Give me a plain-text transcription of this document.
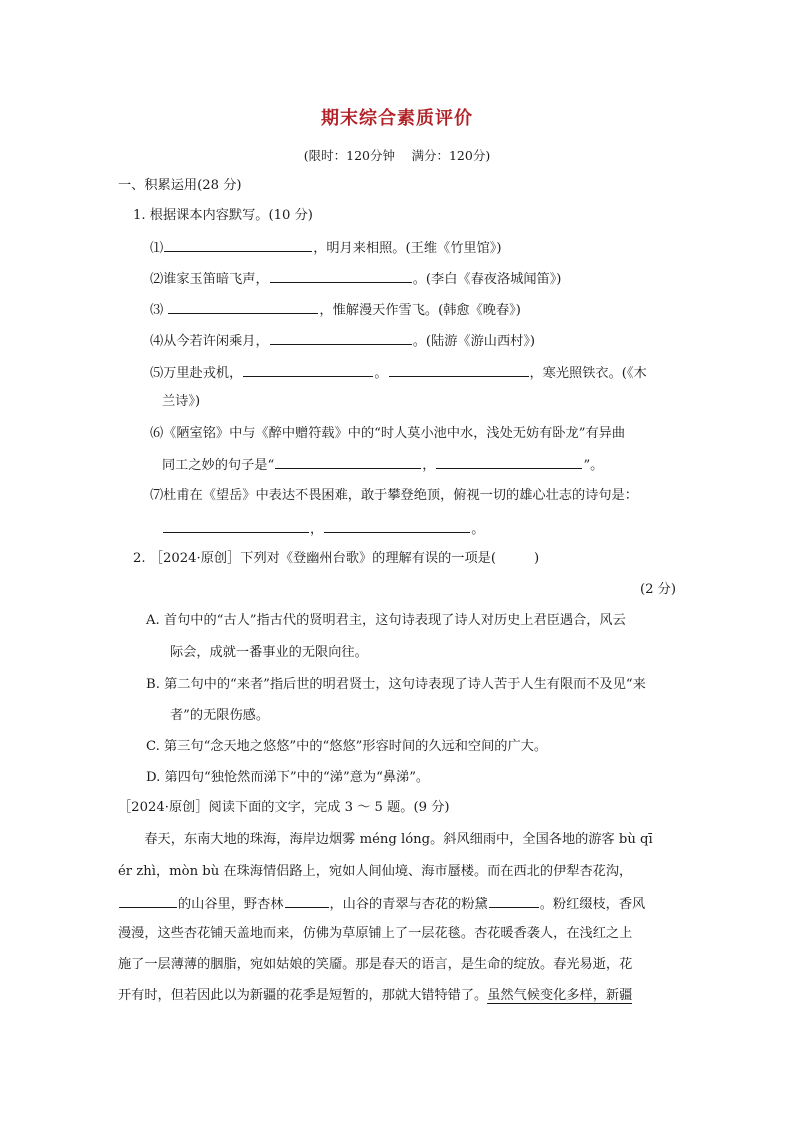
期末综合素质评价
(限时：120分钟　 满分：120分)
一、积累运用(28 分)
1. 根据课本内容默写。(10 分)
⑴	，明月来相照。(王维《竹里馆》)
⑵谁家玉笛暗飞声，	。(李白《春夜洛城闻笛》)
⑶	，惟解漫天作雪飞。(韩愈《晚春》)
⑷从今若许闲乘月，	。(陆游《游山西村》)
⑸万里赴戎机，	。	，寒光照铁衣。(《木
兰诗》)
⑹《陋室铭》中与《醉中赠符载》中的“时人莫小池中水，浅处无妨有卧龙”有异曲
同工之妙的句子是“	，	”。
⑺杜甫在《望岳》中表达不畏困难，敢于攀登绝顶，俯视一切的雄心壮志的诗句是：
，	。
2. ［2024·原创］下列对《登幽州台歌》的理解有误的一项是(	)
(2 分)
A. 首句中的“古人”指古代的贤明君主，这句诗表现了诗人对历史上君臣遇合，风云
际会，成就一番事业的无限向往。
B. 第二句中的“来者”指后世的明君贤士，这句诗表现了诗人苦于人生有限而不及见“来
者”的无限伤感。
C. 第三句“念天地之悠悠”中的“悠悠”形容时间的久远和空间的广大。
D. 第四句“独怆然而涕下”中的“涕”意为“鼻涕”。
［2024·原创］阅读下面的文字，完成 3 ～ 5 题。(9 分)
　　春天，东南大地的珠海，海岸边烟雾 méng lóng。斜风细雨中，全国各地的游客 bù qī
ér zhì，mòn bù 在珠海情侣路上，宛如人间仙境、海市蜃楼。而在西北的伊犁杏花沟，
的山谷里，野杏林	，山谷的青翠与杏花的粉黛	。粉红缀枝，香风
漫漫，这些杏花铺天盖地而来，仿佛为草原铺上了一层花毯。杏花暖香袭人，在浅红之上
施了一层薄薄的胭脂，宛如姑娘的笑靥。那是春天的语言，是生命的绽放。春光易逝，花
开有时，但若因此以为新疆的花季是短暂的，那就大错特错了。虽然气候变化多样，新疆
